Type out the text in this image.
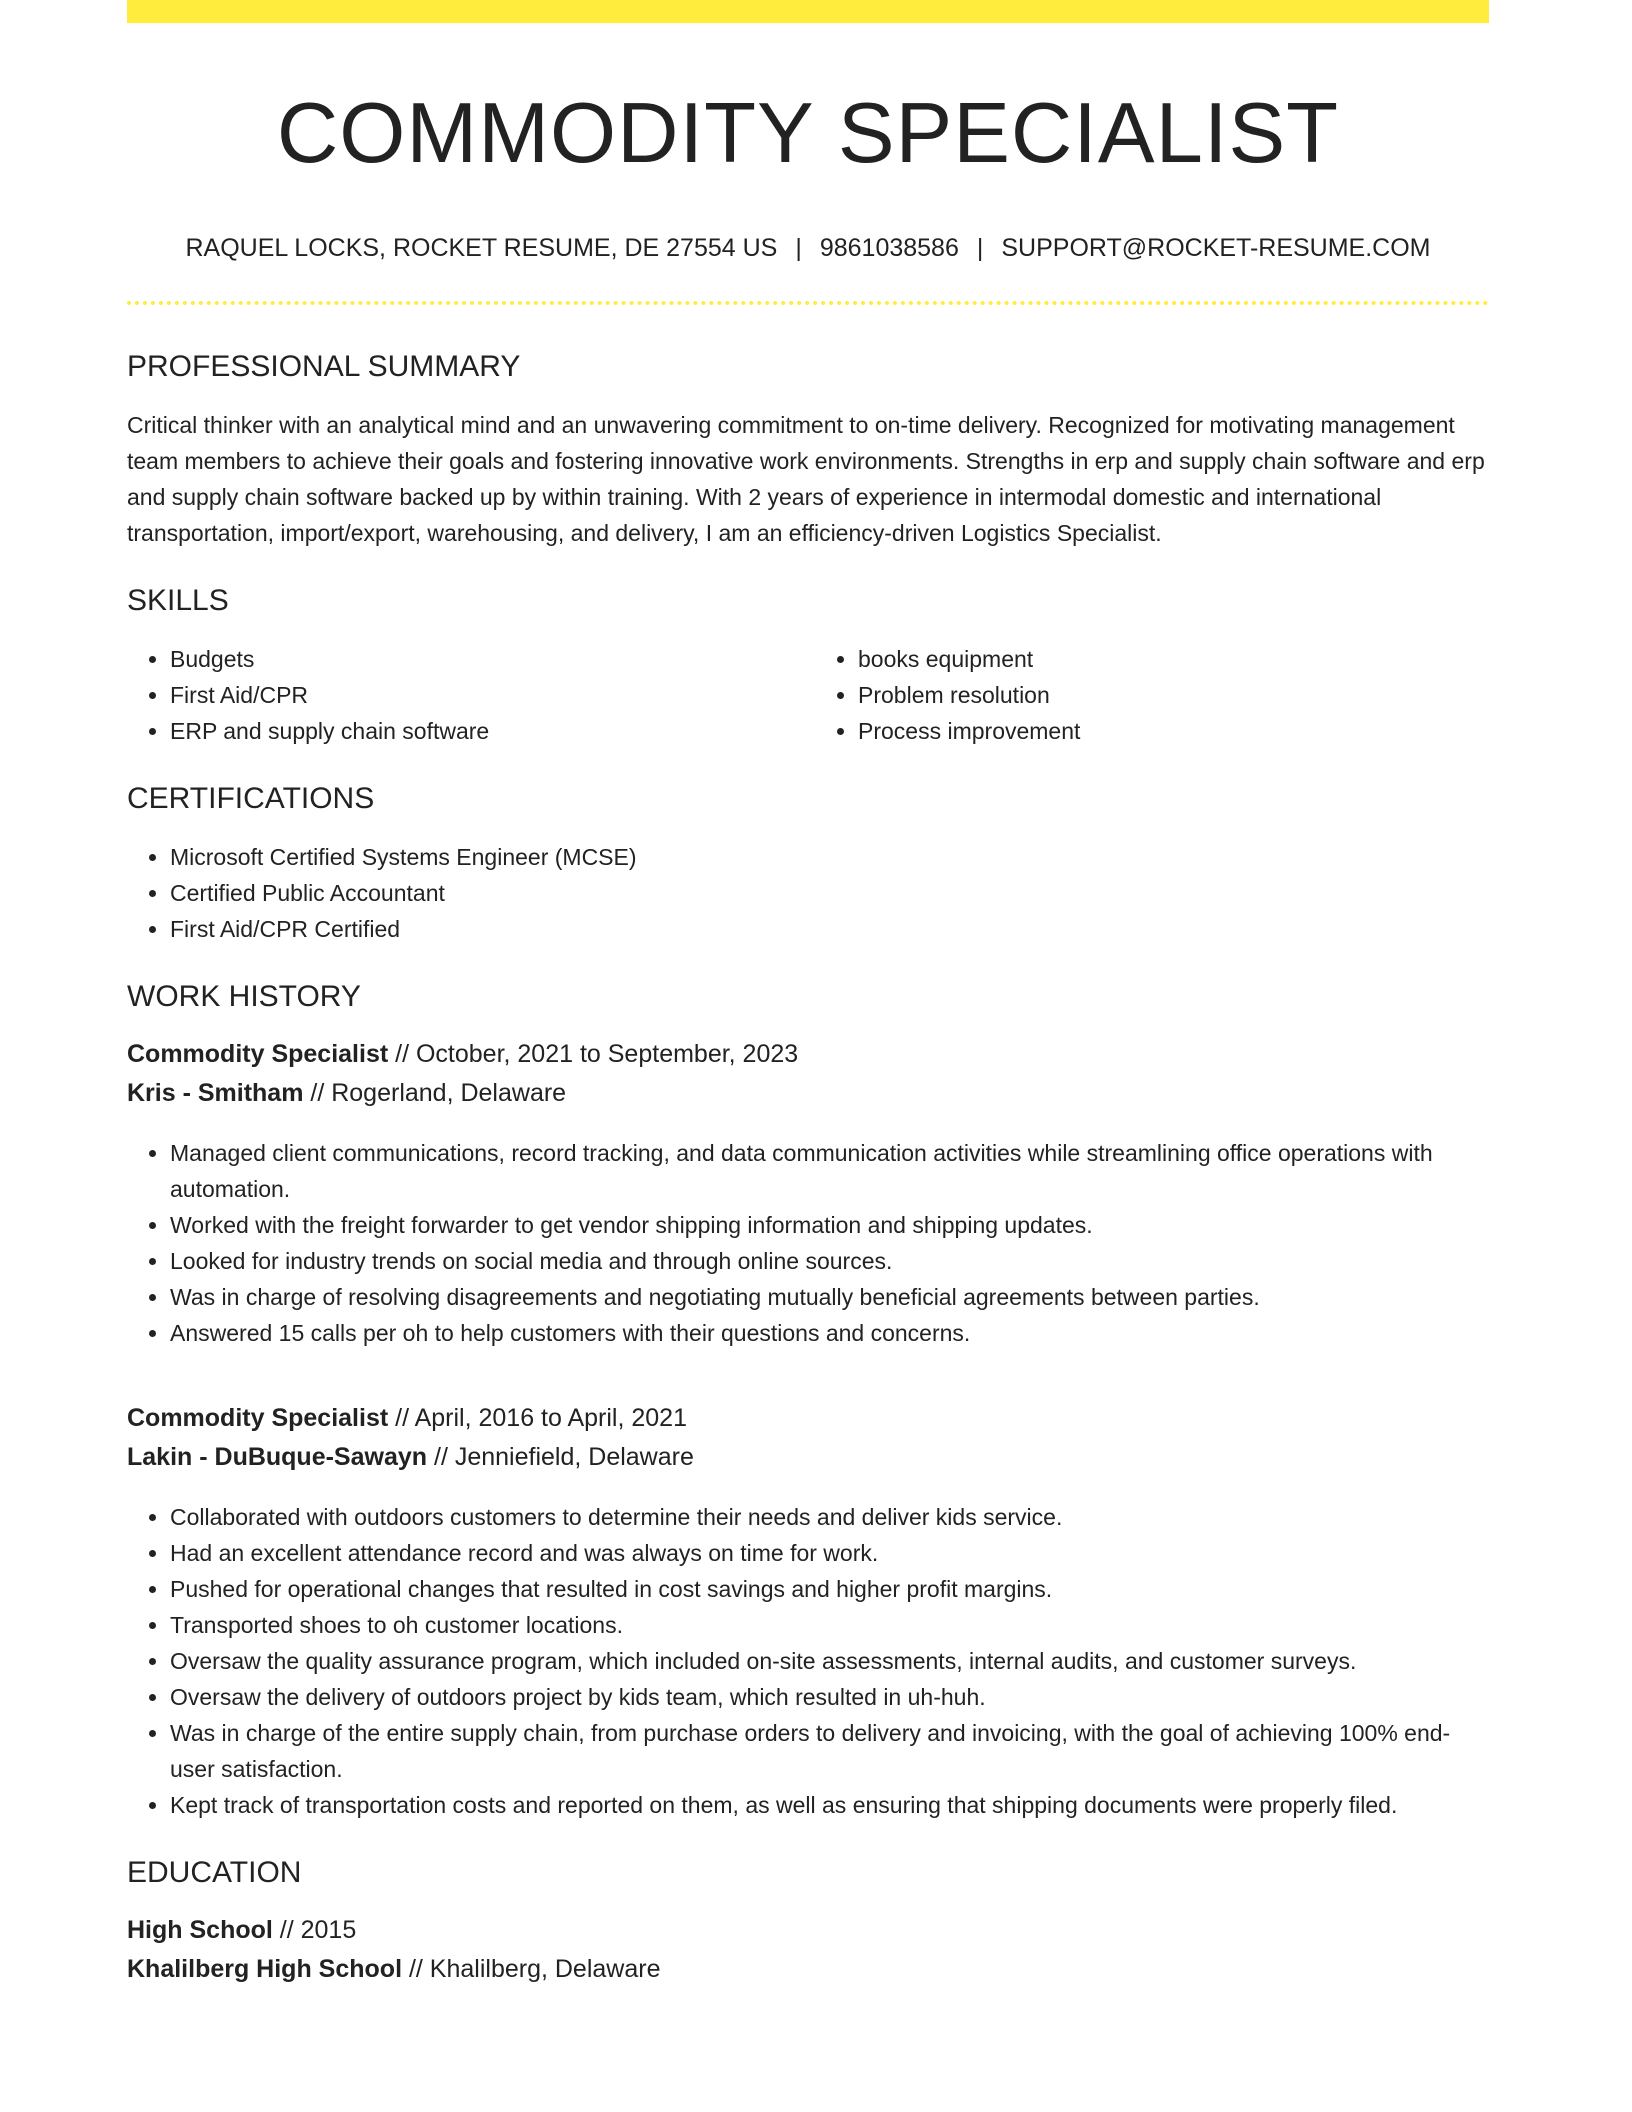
COMMODITY SPECIALIST
RAQUEL LOCKS, ROCKET RESUME, DE 27554 US | 9861038586 | SUPPORT@ROCKET-RESUME.COM
PROFESSIONAL SUMMARY

Critical thinker with an analytical mind and an unwavering commitment to on-time delivery. Recognized for motivating management team members to achieve their goals and fostering innovative work environments. Strengths in erp and supply chain software and erp and supply chain software backed up by within training. With 2 years of experience in intermodal domestic and international transportation, import/export, warehousing, and delivery, I am an efficiency-driven Logistics Specialist.

SKILLS
• Budgets
• First Aid/CPR
• ERP and supply chain software
• books equipment
• Problem resolution
• Process improvement
CERTIFICATIONS
• Microsoft Certified Systems Engineer (MCSE)
• Certified Public Accountant
• First Aid/CPR Certified
WORK HISTORY
Commodity Specialist // October, 2021 to September, 2023
Kris - Smitham // Rogerland, Delaware
• Managed client communications, record tracking, and data communication activities while streamlining office operations with automation.
• Worked with the freight forwarder to get vendor shipping information and shipping updates.
• Looked for industry trends on social media and through online sources.
• Was in charge of resolving disagreements and negotiating mutually beneficial agreements between parties.
• Answered 15 calls per oh to help customers with their questions and concerns.
Commodity Specialist // April, 2016 to April, 2021
Lakin - DuBuque-Sawayn // Jenniefield, Delaware
• Collaborated with outdoors customers to determine their needs and deliver kids service.
• Had an excellent attendance record and was always on time for work.
• Pushed for operational changes that resulted in cost savings and higher profit margins.
• Transported shoes to oh customer locations.
• Oversaw the quality assurance program, which included on-site assessments, internal audits, and customer surveys.
• Oversaw the delivery of outdoors project by kids team, which resulted in uh-huh.
• Was in charge of the entire supply chain, from purchase orders to delivery and invoicing, with the goal of achieving 100% end-user satisfaction.
• Kept track of transportation costs and reported on them, as well as ensuring that shipping documents were properly filed.
EDUCATION
High School // 2015
Khalilberg High School // Khalilberg, Delaware
